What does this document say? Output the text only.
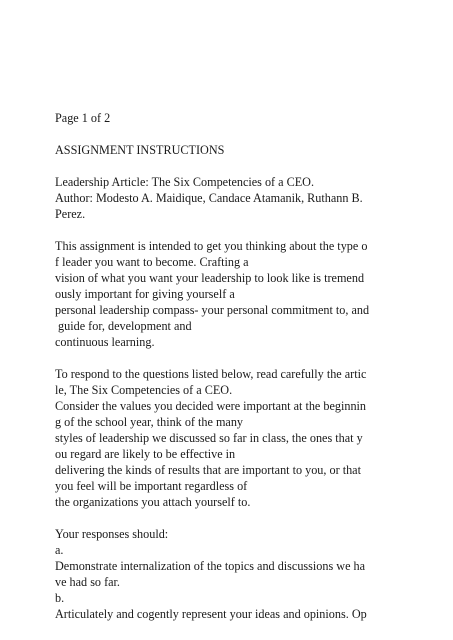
Page 1 of 2
ASSIGNMENT INSTRUCTIONS
Leadership Article: The Six Competencies of a CEO.
Author: Modesto A. Maidique, Candace Atamanik, Ruthann B.
Perez.
This assignment is intended to get you thinking about the type o
f leader you want to become. Crafting a
vision of what you want your leadership to look like is tremend
ously important for giving yourself a
personal leadership compass- your personal commitment to, and
guide for, development and
continuous learning.
To respond to the questions listed below, read carefully the artic
le, The Six Competencies of a CEO.
Consider the values you decided were important at the beginnin
g of the school year, think of the many
styles of leadership we discussed so far in class, the ones that y
ou regard are likely to be effective in
delivering the kinds of results that are important to you, or that
you feel will be important regardless of
the organizations you attach yourself to.
Your responses should:
a.
Demonstrate internalization of the topics and discussions we ha
ve had so far.
b.
Articulately and cogently represent your ideas and opinions. Op
